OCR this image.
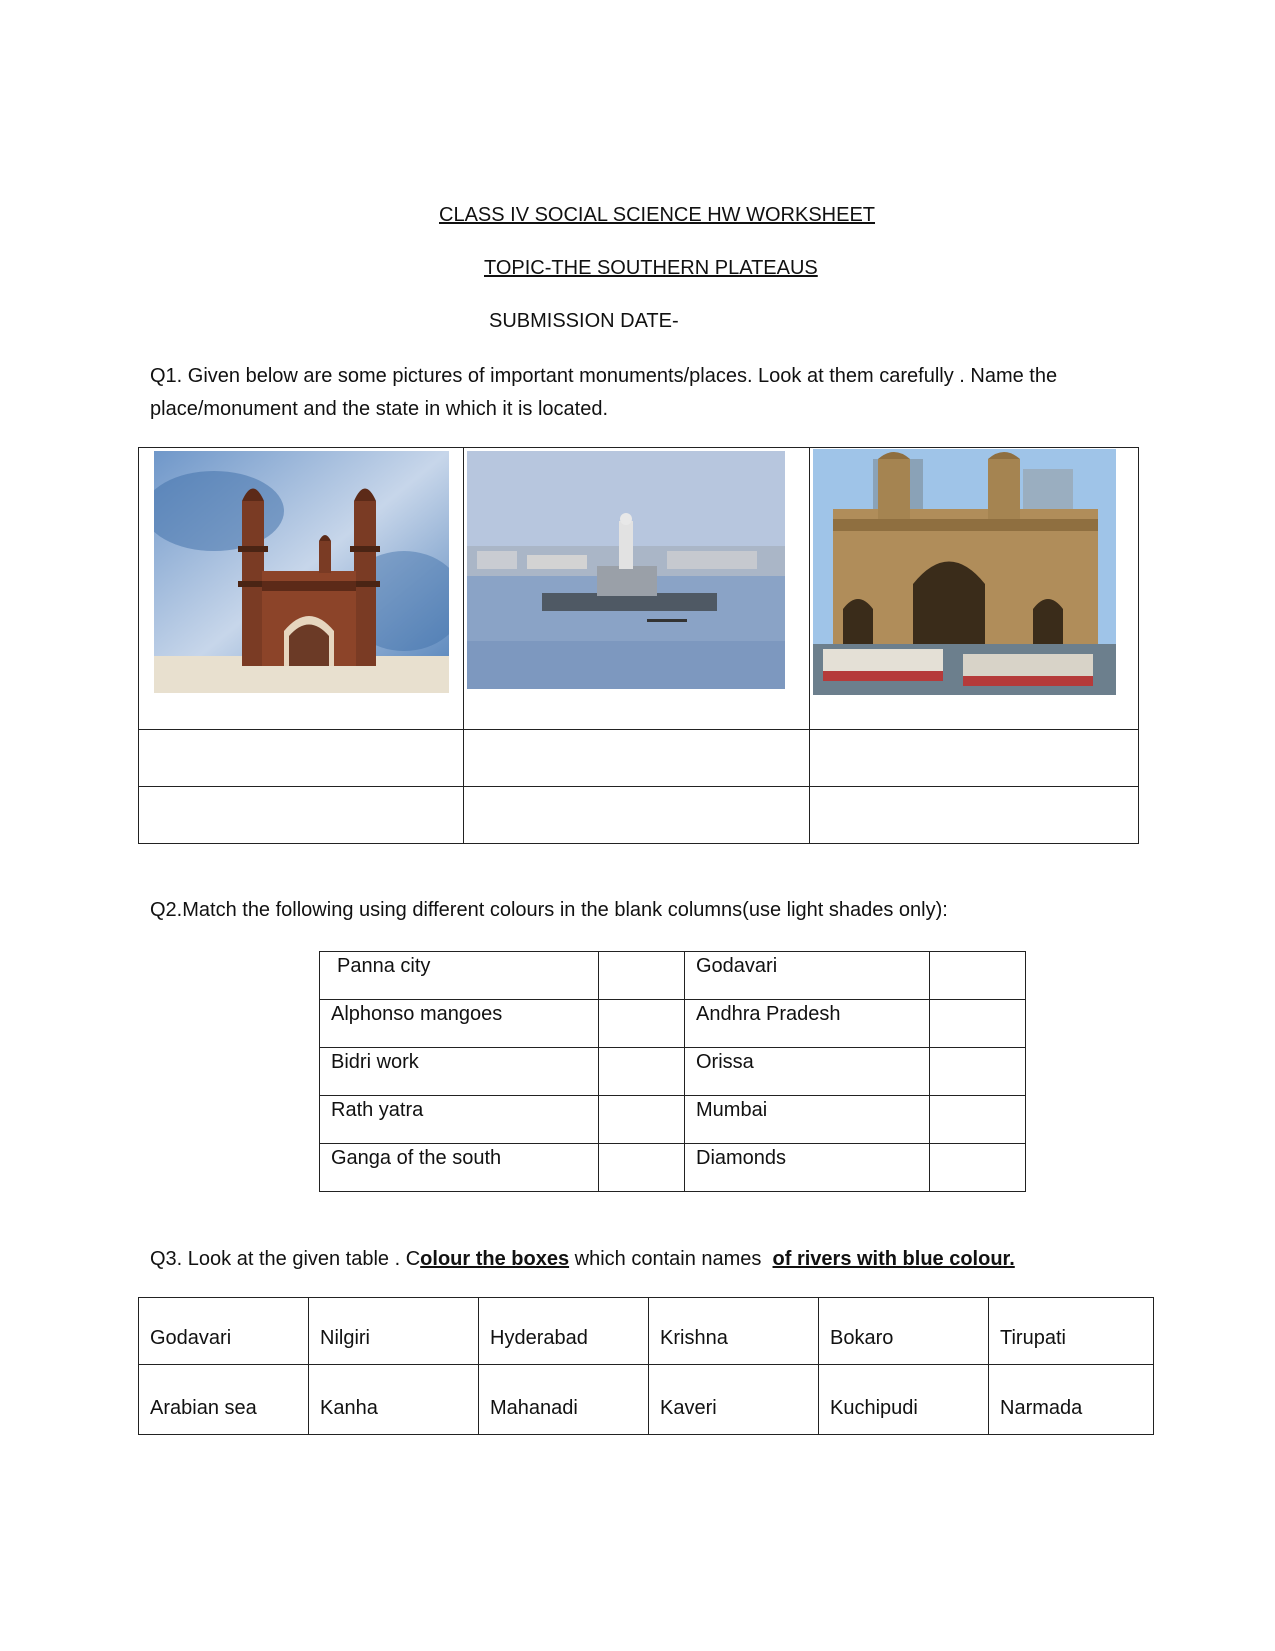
CLASS IV SOCIAL SCIENCE HW WORKSHEET
TOPIC-THE SOUTHERN PLATEAUS
SUBMISSION DATE-
Q1. Given below are some pictures of important monuments/places. Look at them carefully . Name the place/monument and the state in which it is located.

Q2.Match the following using different colours in the blank columns(use light shades only):
Panna city		Godavari	

Alphonso mangoes		Andhra Pradesh	

Bidri work		Orissa	

Rath yatra		Mumbai	

Ganga of the south		Diamonds	

Q3. Look at the given table . Colour the boxes which contain names  of rivers with blue colour.
Godavari	Nilgiri	Hyderabad	Krishna	Bokaro	Tirupati

Arabian sea	Kanha	Mahanadi	Kaveri	Kuchipudi	Narmada
